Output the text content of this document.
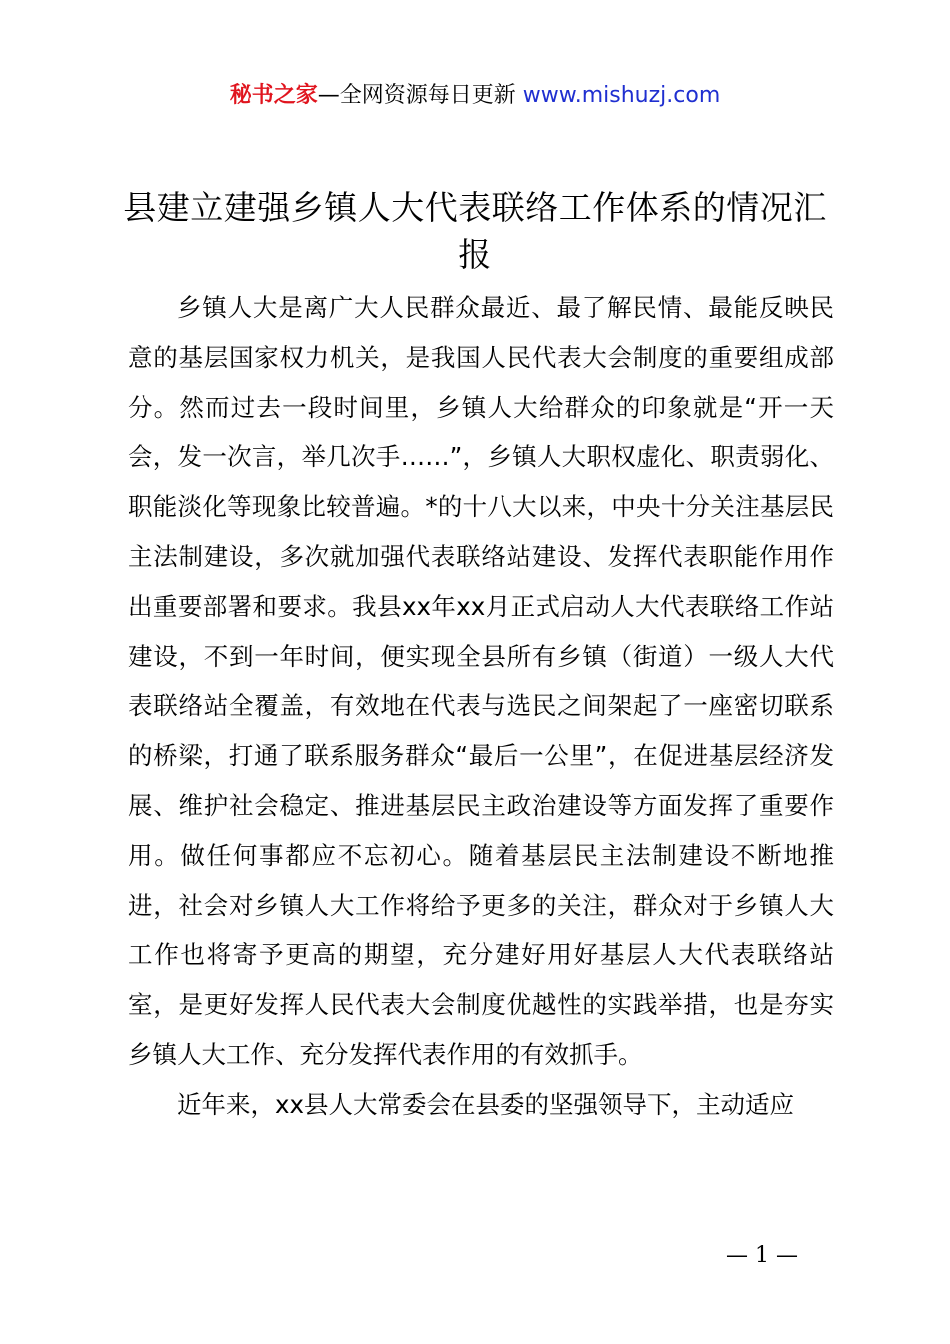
秘书之家—全网资源每日更新 www.mishuzj.com
县建立建强乡镇人大代表联络工作体系的情况汇报

乡镇人大是离广大人民群众最近、最了解民情、最能反映民意的基层国家权力机关，是我国人民代表大会制度的重要组成部分。然而过去一段时间里，乡镇人大给群众的印象就是“开一天会，发一次言，举几次手……”，乡镇人大职权虚化、职责弱化、职能淡化等现象比较普遍。*的十八大以来，中央十分关注基层民主法制建设，多次就加强代表联络站建设、发挥代表职能作用作出重要部署和要求。我县xx年xx月正式启动人大代表联络工作站建设，不到一年时间，便实现全县所有乡镇（街道）一级人大代表联络站全覆盖，有效地在代表与选民之间架起了一座密切联系的桥梁，打通了联系服务群众“最后一公里”，在促进基层经济发展、维护社会稳定、推进基层民主政治建设等方面发挥了重要作用。做任何事都应不忘初心。随着基层民主法制建设不断地推进，社会对乡镇人大工作将给予更多的关注，群众对于乡镇人大工作也将寄予更高的期望，充分建好用好基层人大代表联络站室，是更好发挥人民代表大会制度优越性的实践举措，也是夯实乡镇人大工作、充分发挥代表作用的有效抓手。

近年来，xx县人大常委会在县委的坚强领导下，主动适应

— 1 —
